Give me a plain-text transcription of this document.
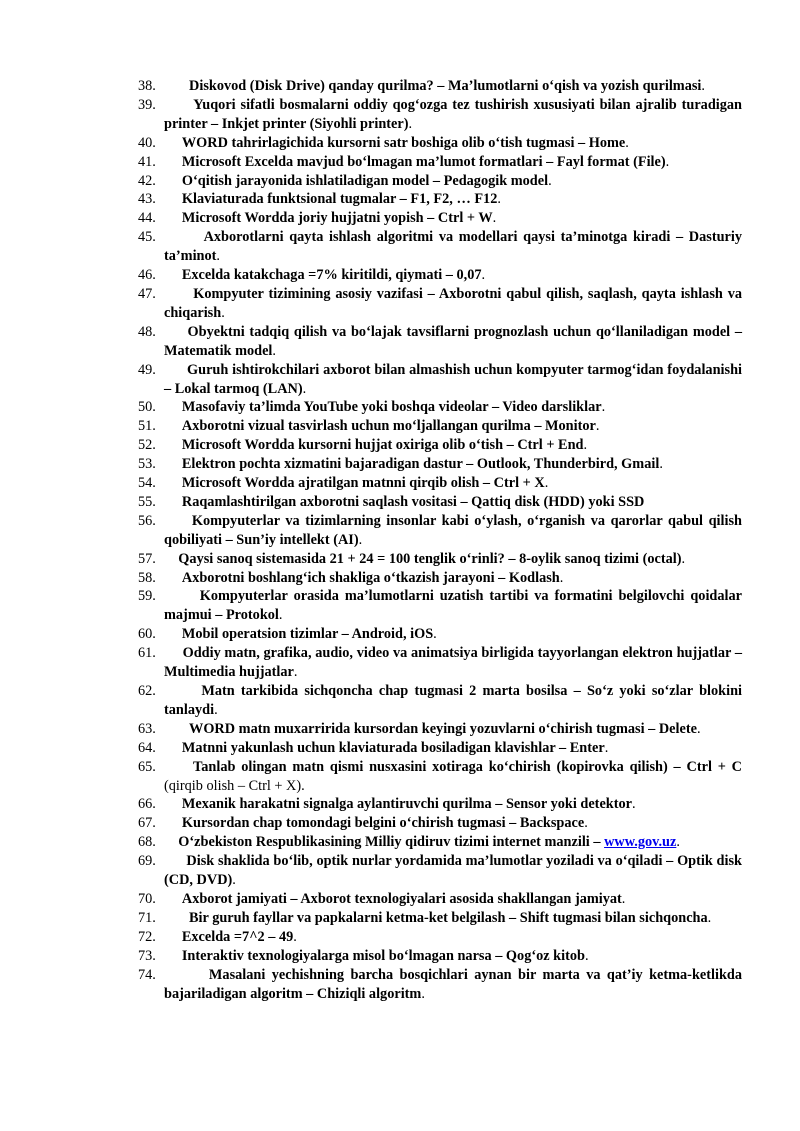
38. Diskovod (Disk Drive) qanday qurilma? – Ma’lumotlarni o‘qish va yozish qurilmasi.
39. Yuqori sifatli bosmalarni oddiy qog‘ozga tez tushirish xususiyati bilan ajralib turadigan printer – Inkjet printer (Siyohli printer).
40. WORD tahrirlagichida kursorni satr boshiga olib o‘tish tugmasi – Home.
41. Microsoft Excelda mavjud bo‘lmagan ma’lumot formatlari – Fayl format (File).
42. O‘qitish jarayonida ishlatiladigan model – Pedagogik model.
43. Klaviaturada funktsional tugmalar – F1, F2, … F12.
44. Microsoft Wordda joriy hujjatni yopish – Ctrl + W.
45. Axborotlarni qayta ishlash algoritmi va modellari qaysi ta’minotga kiradi – Dasturiy ta’minot.
46. Excelda katakchaga =7% kiritildi, qiymati – 0,07.
47. Kompyuter tizimining asosiy vazifasi – Axborotni qabul qilish, saqlash, qayta ishlash va chiqarish.
48. Obyektni tadqiq qilish va bo‘lajak tavsiflarni prognozlash uchun qo‘llaniladigan model – Matematik model.
49. Guruh ishtirokchilari axborot bilan almashish uchun kompyuter tarmog‘idan foydalanishi – Lokal tarmoq (LAN).
50. Masofaviy ta’limda YouTube yoki boshqa videolar – Video darsliklar.
51. Axborotni vizual tasvirlash uchun mo‘ljallangan qurilma – Monitor.
52. Microsoft Wordda kursorni hujjat oxiriga olib o‘tish – Ctrl + End.
53. Elektron pochta xizmatini bajaradigan dastur – Outlook, Thunderbird, Gmail.
54. Microsoft Wordda ajratilgan matnni qirqib olish – Ctrl + X.
55. Raqamlashtirilgan axborotni saqlash vositasi – Qattiq disk (HDD) yoki SSD
56. Kompyuterlar va tizimlarning insonlar kabi o‘ylash, o‘rganish va qarorlar qabul qilish qobiliyati – Sun’iy intellekt (AI).
57. Qaysi sanoq sistemasida 21 + 24 = 100 tenglik o‘rinli? – 8-oylik sanoq tizimi (octal).
58. Axborotni boshlang‘ich shakliga o‘tkazish jarayoni – Kodlash.
59. Kompyuterlar orasida ma’lumotlarni uzatish tartibi va formatini belgilovchi qoidalar majmui – Protokol.
60. Mobil operatsion tizimlar – Android, iOS.
61. Oddiy matn, grafika, audio, video va animatsiya birligida tayyorlangan elektron hujjatlar – Multimedia hujjatlar.
62. Matn tarkibida sichqoncha chap tugmasi 2 marta bosilsa – So‘z yoki so‘zlar blokini tanlaydi.
63. WORD matn muxarririda kursordan keyingi yozuvlarni o‘chirish tugmasi – Delete.
64. Matnni yakunlash uchun klaviaturada bosiladigan klavishlar – Enter.
65. Tanlab olingan matn qismi nusxasini xotiraga ko‘chirish (kopirovka qilish) – Ctrl + C (qirqib olish – Ctrl + X).
66. Mexanik harakatni signalga aylantiruvchi qurilma – Sensor yoki detektor.
67. Kursordan chap tomondagi belgini o‘chirish tugmasi – Backspace.
68. O‘zbekiston Respublikasining Milliy qidiruv tizimi internet manzili – www.gov.uz.
69. Disk shaklida bo‘lib, optik nurlar yordamida ma’lumotlar yoziladi va o‘qiladi – Optik disk (CD, DVD).
70. Axborot jamiyati – Axborot texnologiyalari asosida shakllangan jamiyat.
71. Bir guruh fayllar va papkalarni ketma-ket belgilash – Shift tugmasi bilan sichqoncha.
72. Excelda =7^2 – 49.
73. Interaktiv texnologiyalarga misol bo‘lmagan narsa – Qog‘oz kitob.
74. Masalani yechishning barcha bosqichlari aynan bir marta va qat’iy ketma-ketlikda bajariladigan algoritm – Chiziqli algoritm.
